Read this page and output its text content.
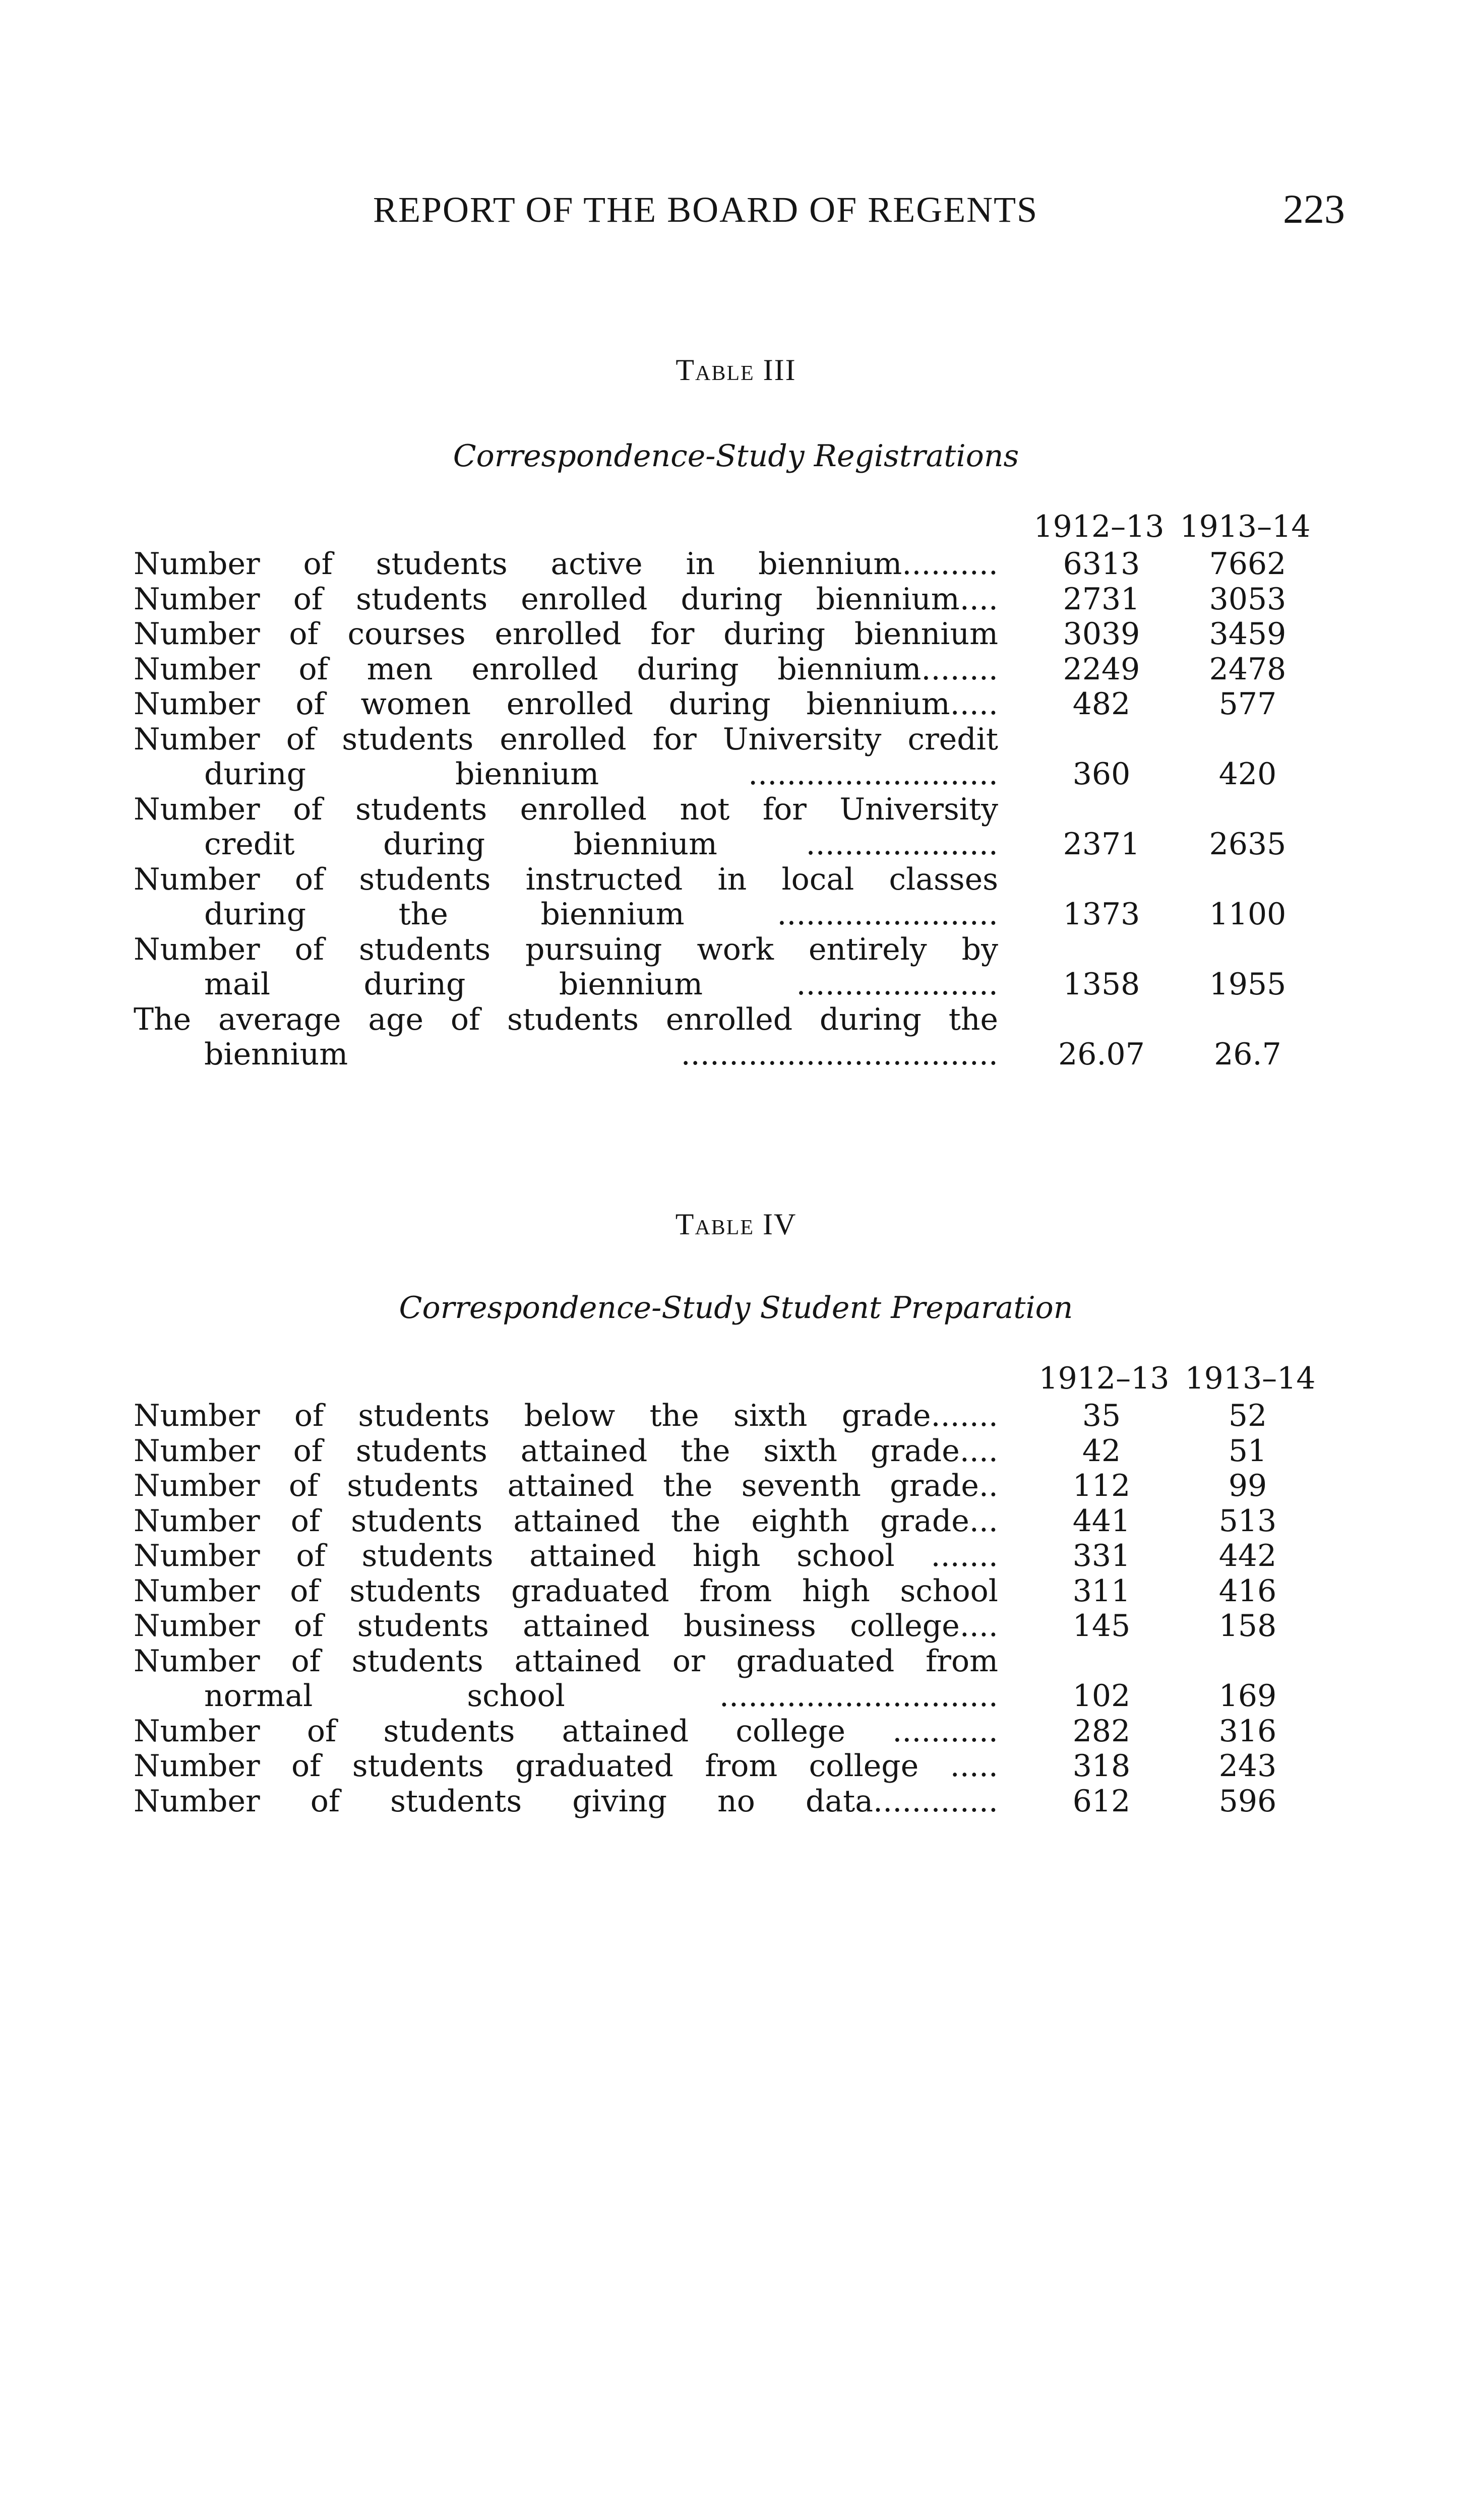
REPORT OF THE BOARD OF REGENTS	223
Table III
Correspondence-Study Registrations
1912–13 1913–14
Number of students active in biennium..........	6313	7662
Number of students enrolled during biennium....	2731	3053
Number of courses enrolled for during biennium	3039	3459
Number of men enrolled during biennium........	2249	2478
Number of women enrolled during biennium.....	482	577
Number of students enrolled for University credit
during biennium ..........................	360	420
Number of students enrolled not for University
credit during biennium ....................	2371	2635
Number of students instructed in local classes
during the biennium .......................	1373	1100
Number of students pursuing work entirely by
mail during biennium .....................	1358	1955
The average age of students enrolled during the
biennium .................................	26.07	26.7
Table IV
Correspondence-Study Student Preparation
1912–13 1913–14
Number of students below the sixth grade.......	35	52
Number of students attained the sixth grade....	42	51
Number of students attained the seventh grade..	112	99
Number of students attained the eighth grade...	441	513
Number of students attained high school .......	331	442
Number of students graduated from high school	311	416
Number of students attained business college....	145	158
Number of students attained or graduated from
normal school .............................	102	169
Number of students attained college ...........	282	316
Number of students graduated from college .....	318	243
Number of students giving no data.............	612	596
